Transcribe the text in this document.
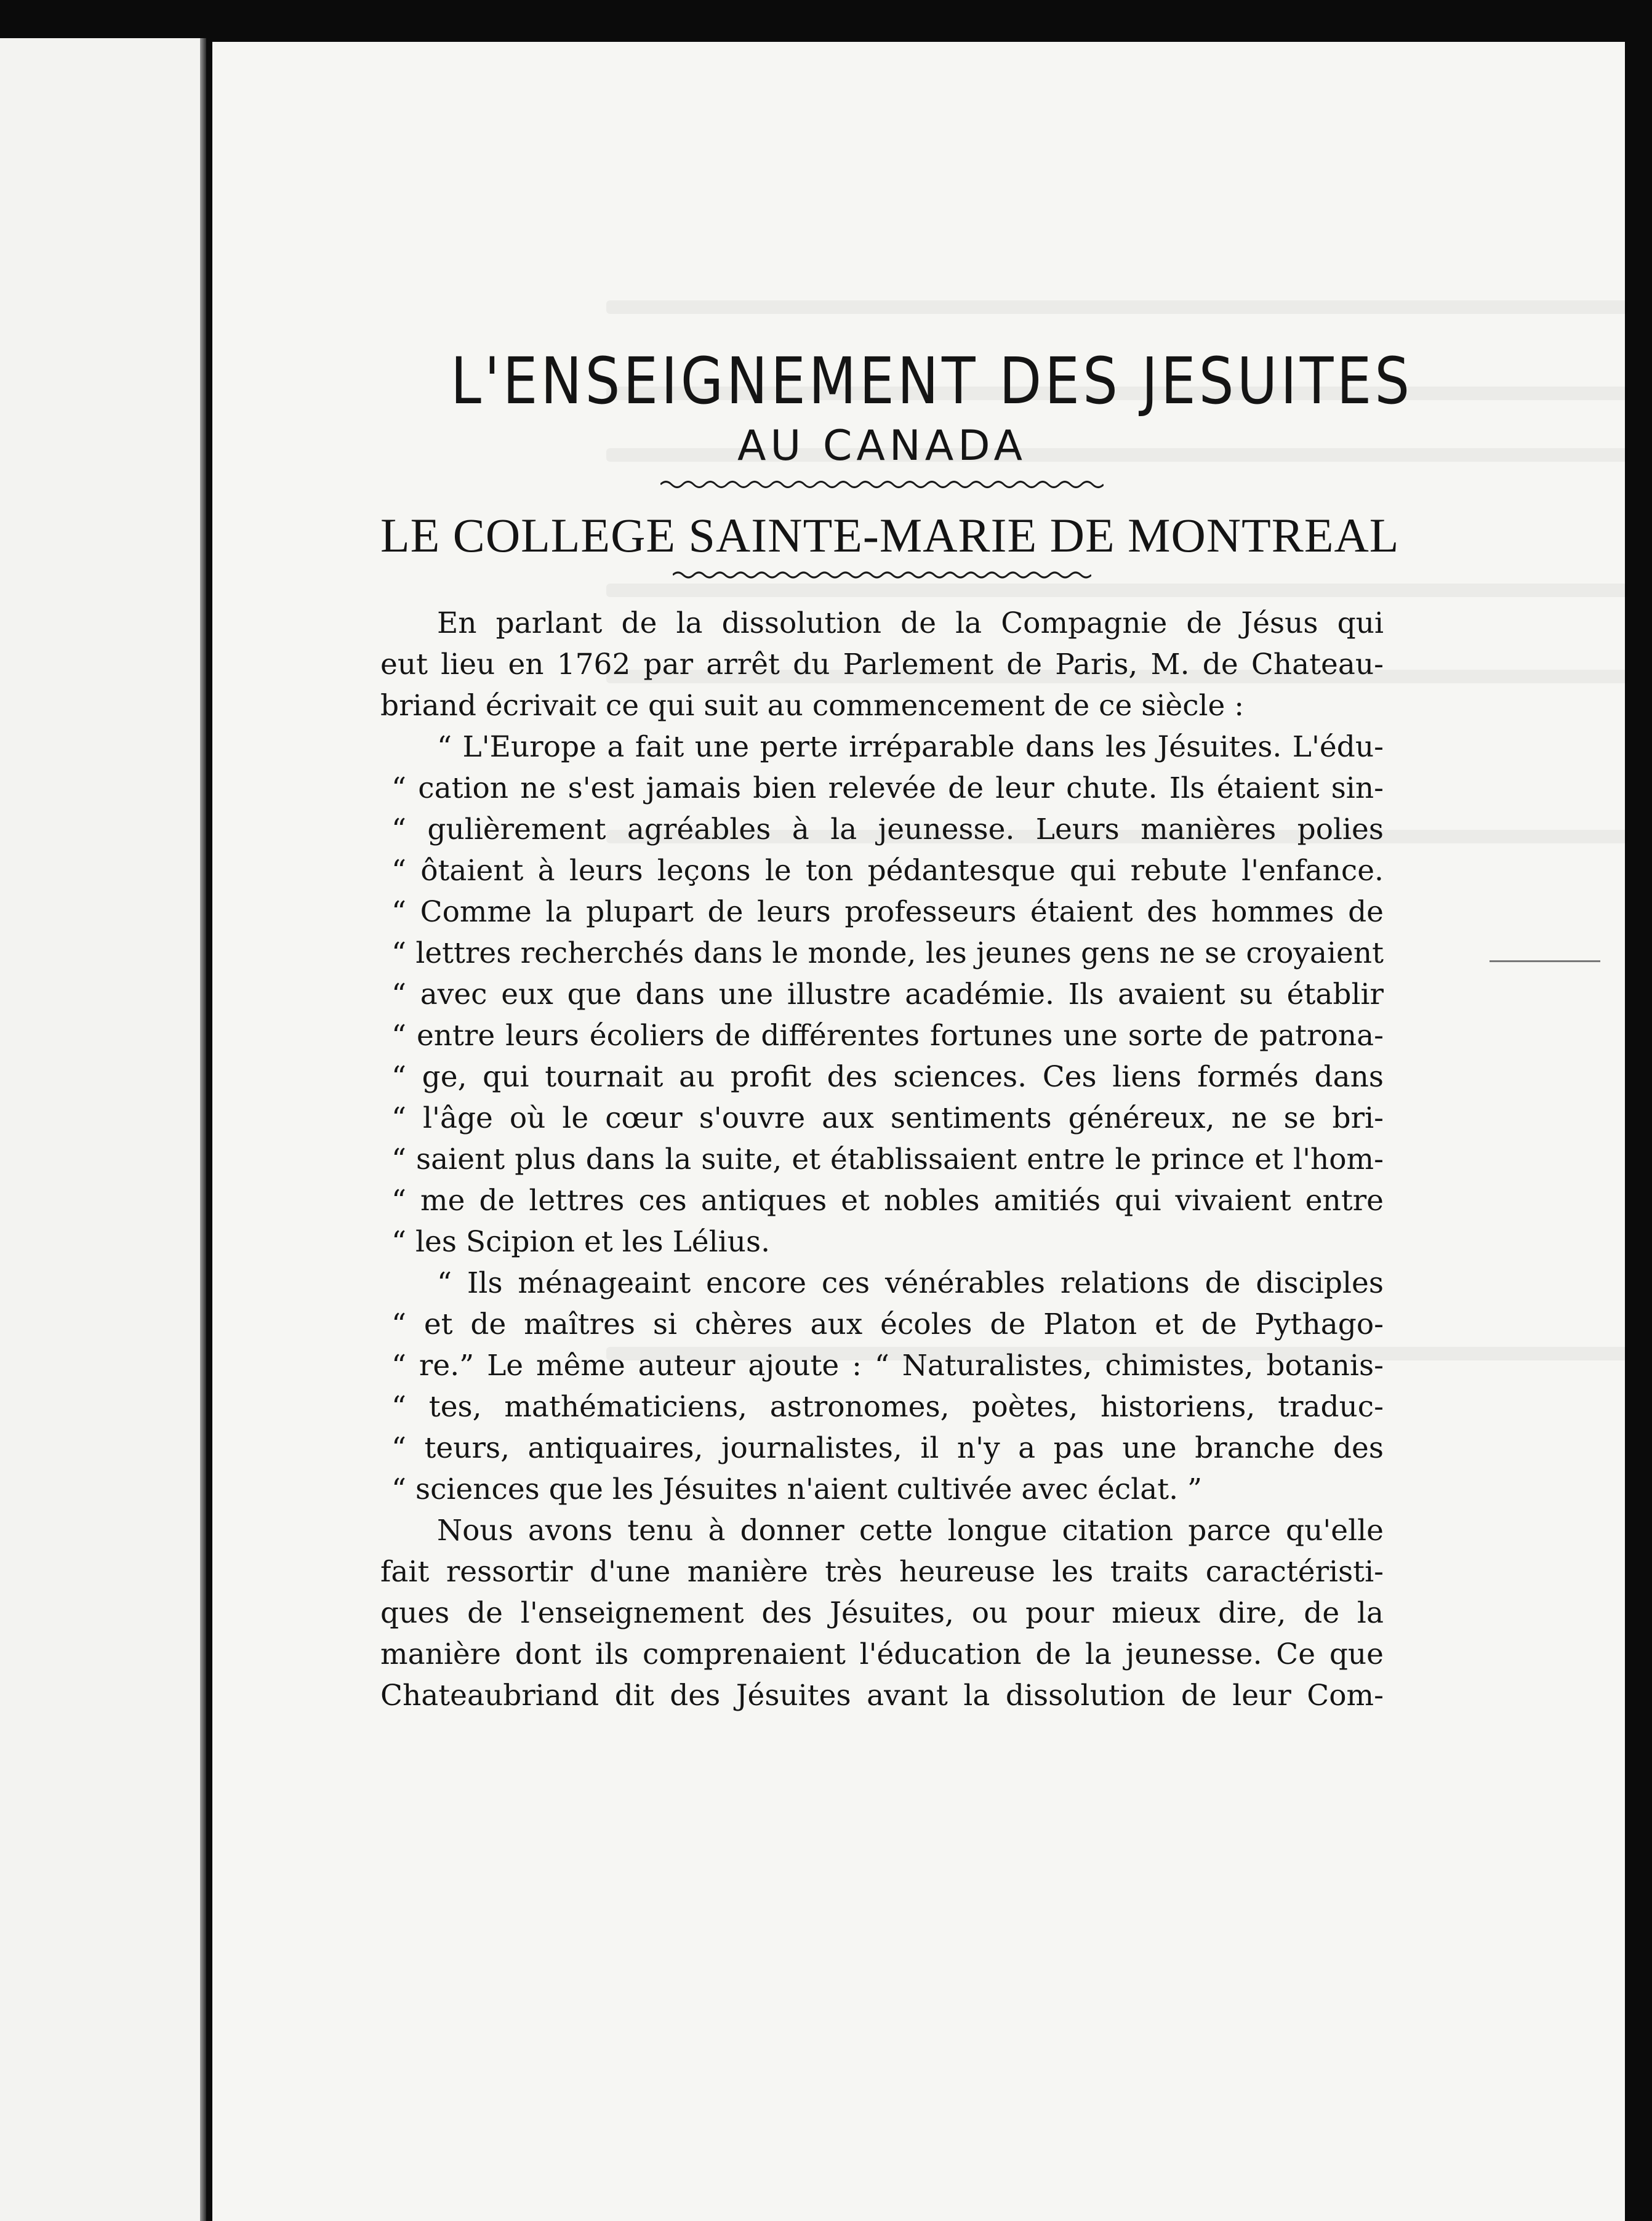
L'ENSEIGNEMENT DES JESUITES
AU CANADA
LE COLLEGE SAINTE-MARIE DE MONTREAL

En parlant de la dissolution de la Compagnie de Jésus qui
eut lieu en 1762 par arrêt du Parlement de Paris, M. de Chateau-
briand écrivait ce qui suit au commencement de ce siècle :

“ L'Europe a fait une perte irréparable dans les Jésuites. L'édu-
“ cation ne s'est jamais bien relevée de leur chute. Ils étaient sin-
“ gulièrement agréables à la jeunesse. Leurs manières polies
“ ôtaient à leurs leçons le ton pédantesque qui rebute l'enfance.
“ Comme la plupart de leurs professeurs étaient des hommes de
“ lettres recherchés dans le monde, les jeunes gens ne se croyaient
“ avec eux que dans une illustre académie. Ils avaient su établir
“ entre leurs écoliers de différentes fortunes une sorte de patrona-
“ ge, qui tournait au profit des sciences. Ces liens formés dans
“ l'âge où le cœur s'ouvre aux sentiments généreux, ne se bri-
“ saient plus dans la suite, et établissaient entre le prince et l'hom-
“ me de lettres ces antiques et nobles amitiés qui vivaient entre
“ les Scipion et les Lélius.

“ Ils ménageaint encore ces vénérables relations de disciples
“ et de maîtres si chères aux écoles de Platon et de Pythago-
“ re.” Le même auteur ajoute : “ Naturalistes, chimistes, botanis-
“ tes, mathématiciens, astronomes, poètes, historiens, traduc-
“ teurs, antiquaires, journalistes, il n'y a pas une branche des
“ sciences que les Jésuites n'aient cultivée avec éclat. ”

Nous avons tenu à donner cette longue citation parce qu'elle
fait ressortir d'une manière très heureuse les traits caractéristi-
ques de l'enseignement des Jésuites, ou pour mieux dire, de la
manière dont ils comprenaient l'éducation de la jeunesse. Ce que
Chateaubriand dit des Jésuites avant la dissolution de leur Com-
